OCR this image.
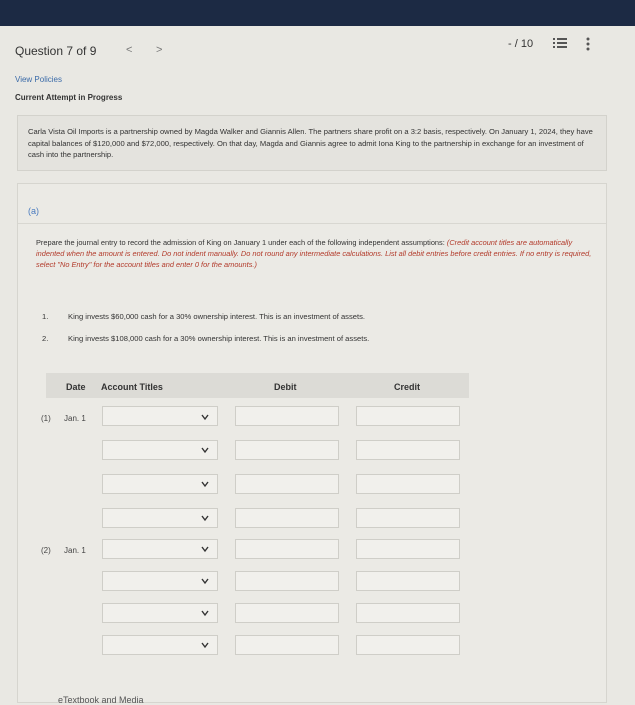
Question 7 of 9	< >	- / 10
View Policies
Current Attempt in Progress
Carla Vista Oil Imports is a partnership owned by Magda Walker and Giannis Allen. The partners share profit on a 3:2 basis, respectively. On January 1, 2024, they have capital balances of $120,000 and $72,000, respectively. On that day, Magda and Giannis agree to admit Iona King to the partnership in exchange for an investment of cash into the partnership.
(a)
Prepare the journal entry to record the admission of King on January 1 under each of the following independent assumptions: (Credit account titles are automatically indented when the amount is entered. Do not indent manually. Do not round any intermediate calculations. List all debit entries before credit entries. If no entry is required, select "No Entry" for the account titles and enter 0 for the amounts.)
1.	King invests $60,000 cash for a 30% ownership interest. This is an investment of assets.
2.	King invests $108,000 cash for a 30% ownership interest. This is an investment of assets.
Date Account Titles	Debit	Credit
(1) Jan. 1
(2) Jan. 1
eTextbook and Media
